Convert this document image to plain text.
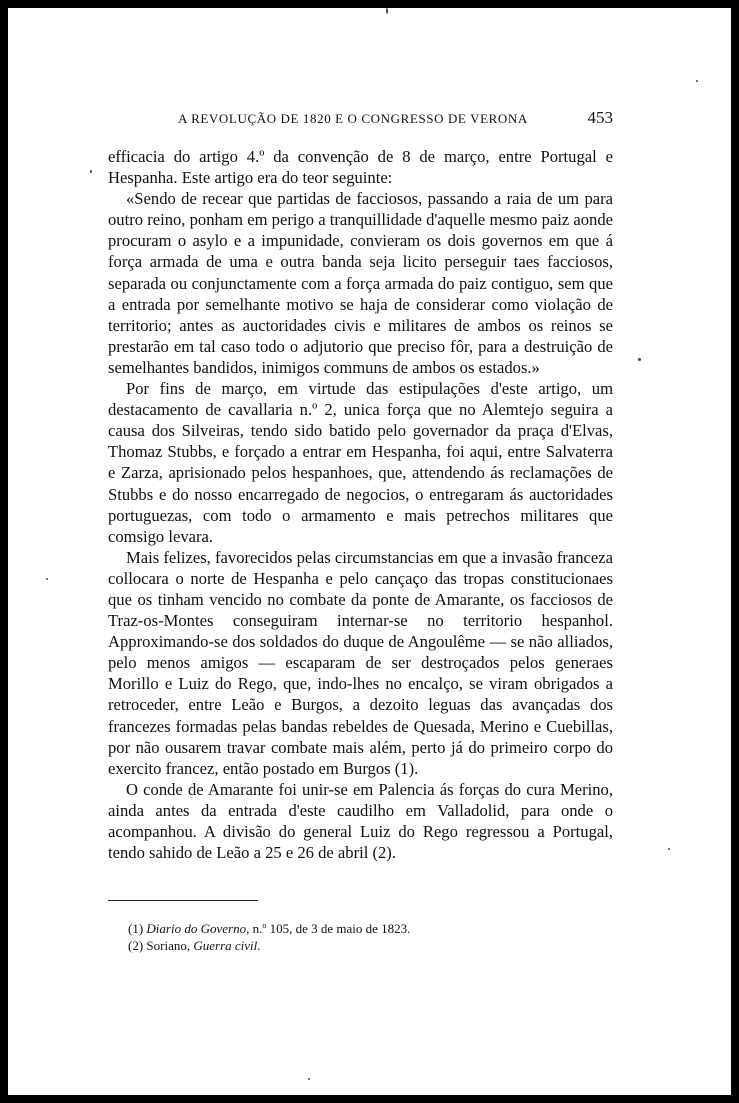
A REVOLUÇÃO DE 1820 E O CONGRESSO DE VERONA	453

efficacia do artigo 4.º da convenção de 8 de março, entre Portugal e Hespanha. Este artigo era do teor seguinte:

«Sendo de recear que partidas de facciosos, passando a raia de um para outro reino, ponham em perigo a tranquillidade d'aquelle mesmo paiz aonde procuram o asylo e a impunidade, convieram os dois governos em que á força armada de uma e outra banda seja licito perseguir taes facciosos, separada ou conjunctamente com a força armada do paiz contiguo, sem que a entrada por semelhante motivo se haja de considerar como violação de territorio; antes as auctoridades civis e militares de ambos os reinos se prestarão em tal caso todo o adjutorio que preciso fôr, para a destruição de semelhantes bandidos, inimigos communs de ambos os estados.»

Por fins de março, em virtude das estipulações d'este artigo, um destacamento de cavallaria n.º 2, unica força que no Alemtejo seguira a causa dos Silveiras, tendo sido batido pelo governador da praça d'Elvas, Thomaz Stubbs, e forçado a entrar em Hespanha, foi aqui, entre Salvaterra e Zarza, aprisionado pelos hespanhoes, que, attendendo ás reclamações de Stubbs e do nosso encarregado de negocios, o entregaram ás auctoridades portuguezas, com todo o armamento e mais petrechos militares que comsigo levara.

Mais felizes, favorecidos pelas circumstancias em que a invasão franceza collocara o norte de Hespanha e pelo cançaço das tropas constitucionaes que os tinham vencido no combate da ponte de Amarante, os facciosos de Traz-os-Montes conseguiram internar-se no territorio hespanhol. Approximando-se dos soldados do duque de Angoulême — se não alliados, pelo menos amigos — escaparam de ser destroçados pelos generaes Morillo e Luiz do Rego, que, indo-lhes no encalço, se viram obrigados a retroceder, entre Leão e Burgos, a dezoito leguas das avançadas dos francezes formadas pelas bandas rebeldes de Quesada, Merino e Cuebillas, por não ousarem travar combate mais além, perto já do primeiro corpo do exercito francez, então postado em Burgos (1).

O conde de Amarante foi unir-se em Palencia ás forças do cura Merino, ainda antes da entrada d'este caudilho em Valladolid, para onde o acompanhou. A divisão do general Luiz do Rego regressou a Portugal, tendo sahido de Leão a 25 e 26 de abril (2).

(1) Diario do Governo, n.º 105, de 3 de maio de 1823.
(2) Soriano, Guerra civil.
